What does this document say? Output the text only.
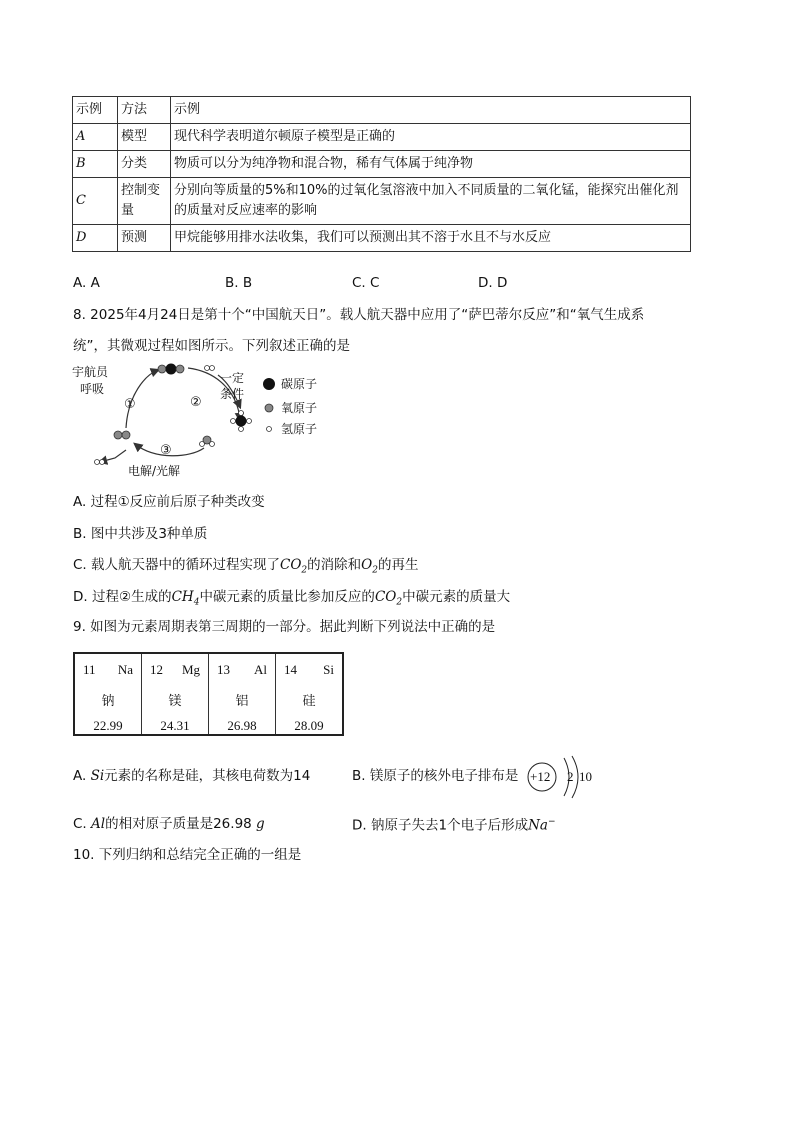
示例	方法	示例
A	模型	现代科学表明道尔顿原子模型是正确的
B	分类	物质可以分为纯净物和混合物，稀有气体属于纯净物
C	控制变量	分别向等质量的5%和10%的过氧化氢溶液中加入不同质量的二氧化锰，能探究出催化剂的质量对反应速率的影响
D	预测	甲烷能够用排水法收集，我们可以预测出其不溶于水且不与水反应
A. A	B. B	C. C	D. D
8. 2025年4月24日是第十个“中国航天日”。载人航天器中应用了“萨巴蒂尔反应”和“氧气生成系
统”，其微观过程如图所示。下列叙述正确的是
宇航员
呼吸
①	②
③
一定
条件
电解/光解
碳原子
氧原子
氢原子
A. 过程①反应前后原子种类改变
B. 图中共涉及3种单质
C. 载人航天器中的循环过程实现了$CO_2$的消除和$O_2$的再生
D. 过程②生成的$CH_4$中碳元素的质量比参加反应的$CO_2$中碳元素的质量大
9. 如图为元素周期表第三周期的一部分。据此判断下列说法中正确的是
11 Na
钠
22.99

12 Mg
镁
24.31

13 Al
铝
26.98

14 Si
硅
28.09
A. Si元素的名称是硅，其核电荷数为14	B. 镁原子的核外电子排布是 +12 2 10
C. Al的相对原子质量是26.98 g	D. 钠原子失去1个电子后形成Na−
10. 下列归纳和总结完全正确的一组是
